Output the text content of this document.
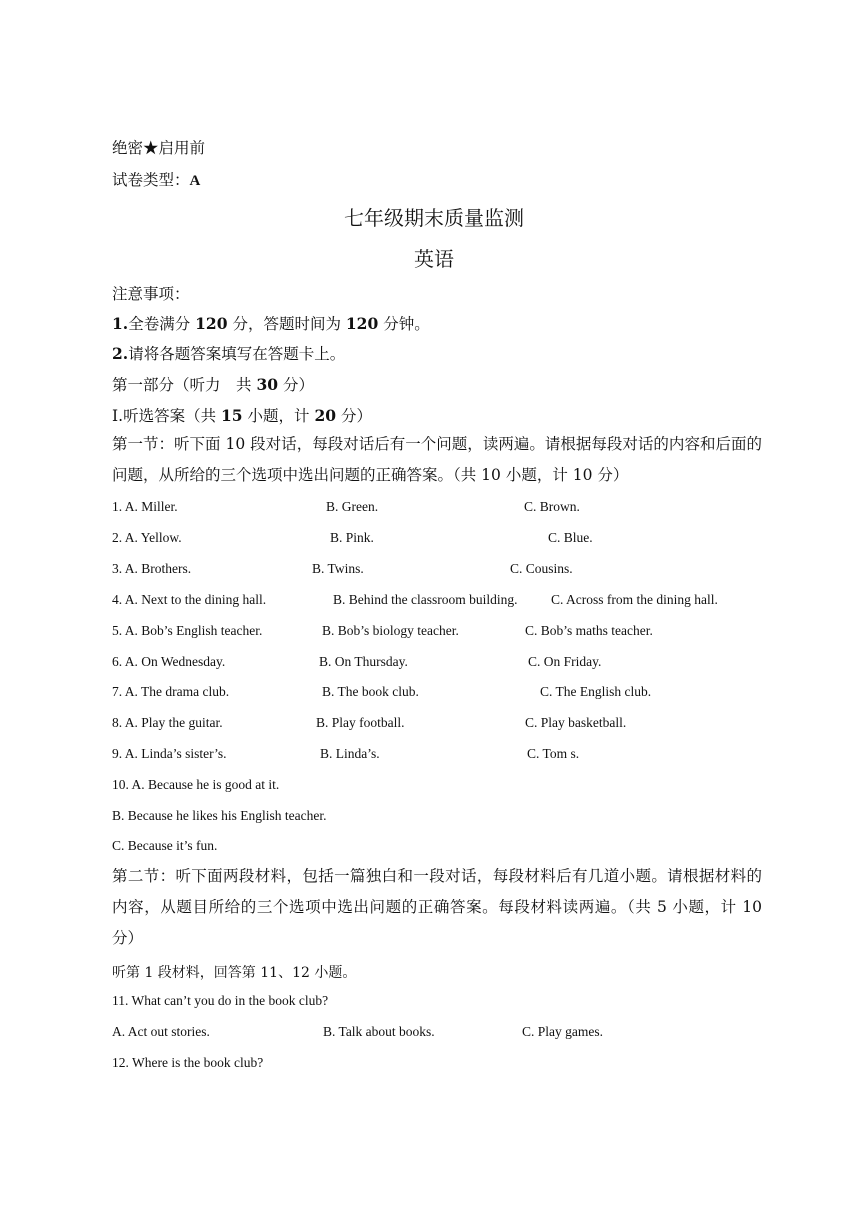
绝密★启用前
试卷类型：A
七年级期末质量监测
英语
注意事项：
1.全卷满分 120 分，答题时间为 120 分钟。
2.请将各题答案填写在答题卡上。
第一部分（听力　共 30 分）
Ⅰ.听选答案（共 15 小题，计 20 分）
第一节：听下面 10 段对话，每段对话后有一个问题，读两遍。请根据每段对话的内容和后面的问题，从所给的三个选项中选出问题的正确答案。（共 10 小题，计 10 分）
1. A. Miller.	B. Green.	C. Brown.
2. A. Yellow.	B. Pink.	C. Blue.
3. A. Brothers.	B. Twins.	C. Cousins.
4. A. Next to the dining hall.	B. Behind the classroom building. C. Across from the dining hall.
5. A. Bob’s English teacher.	B. Bob’s biology teacher.	C. Bob’s maths teacher.
6. A. On Wednesday.	B. On Thursday.	C. On Friday.
7. A. The drama club.	B. The book club.	C. The English club.
8. A. Play the guitar.	B. Play football.	C. Play basketball.
9. A. Linda’s sister’s.	B. Linda’s.	C. Tom s.
10. A. Because he is good at it.
B. Because he likes his English teacher.
C. Because it’s fun.
第二节：听下面两段材料，包括一篇独白和一段对话，每段材料后有几道小题。请根据材料的内容，从题目所给的三个选项中选出问题的正确答案。每段材料读两遍。（共 5 小题，计 10 分）
听第 1 段材料，回答第 11、12 小题。
11. What can’t you do in the book club?
A. Act out stories.	B. Talk about books.	C. Play games.
12. Where is the book club?
